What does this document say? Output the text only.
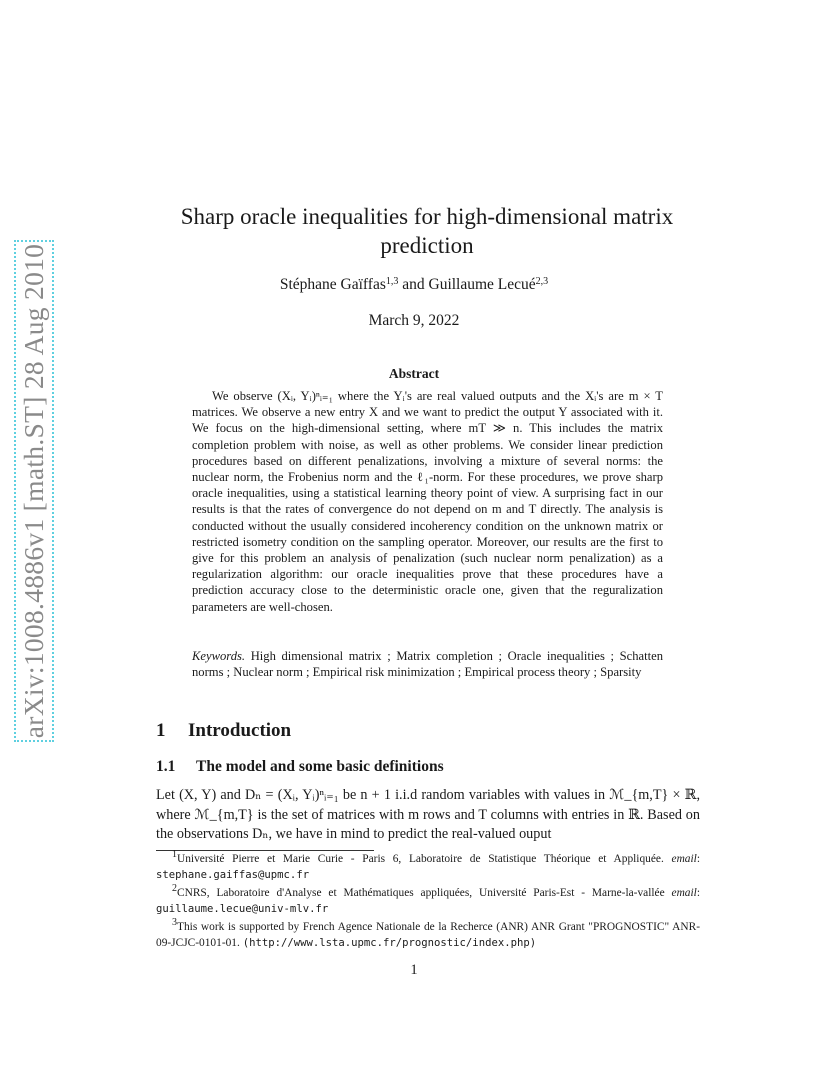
arXiv:1008.4886v1 [math.ST] 28 Aug 2010
Sharp oracle inequalities for high-dimensional matrix prediction
Stéphane Gaïffas$^{1,3}$ and Guillaume Lecué$^{2,3}$
March 9, 2022
Abstract

We observe (Xᵢ, Yᵢ)ⁿᵢ₌₁ where the Yᵢ's are real valued outputs and the Xᵢ's are m × T matrices. We observe a new entry X and we want to predict the output Y associated with it. We focus on the high-dimensional setting, where mT ≫ n. This includes the matrix completion problem with noise, as well as other problems. We consider linear prediction procedures based on different penalizations, involving a mixture of several norms: the nuclear norm, the Frobenius norm and the ℓ₁-norm. For these procedures, we prove sharp oracle inequalities, using a statistical learning theory point of view. A surprising fact in our results is that the rates of convergence do not depend on m and T directly. The analysis is conducted without the usually considered incoherency condition on the unknown matrix or restricted isometry condition on the sampling operator. Moreover, our results are the first to give for this problem an analysis of penalization (such nuclear norm penalization) as a regularization algorithm: our oracle inequalities prove that these procedures have a prediction accuracy close to the deterministic oracle one, given that the reguralization parameters are well-chosen.

Keywords. High dimensional matrix ; Matrix completion ; Oracle inequalities ; Schatten norms ; Nuclear norm ; Empirical risk minimization ; Empirical process theory ; Sparsity

1 Introduction
1.1 The model and some basic definitions

Let (X, Y) and Dₙ = (Xᵢ, Yᵢ)ⁿᵢ₌₁ be n + 1 i.i.d random variables with values in ℳ_{m,T} × ℝ, where ℳ_{m,T} is the set of matrices with m rows and T columns with entries in ℝ. Based on the observations Dₙ, we have in mind to predict the real-valued ouput

$^1$Université Pierre et Marie Curie - Paris 6, Laboratoire de Statistique Théorique et Appliquée. email: stephane.gaiffas@upmc.fr

$^2$CNRS, Laboratoire d'Analyse et Mathématiques appliquées, Université Paris-Est - Marne-la-vallée email: guillaume.lecue@univ-mlv.fr

$^3$This work is supported by French Agence Nationale de la Recherce (ANR) ANR Grant "PROGNOSTIC" ANR-09-JCJC-0101-01. (http://www.lsta.upmc.fr/prognostic/index.php)

1
